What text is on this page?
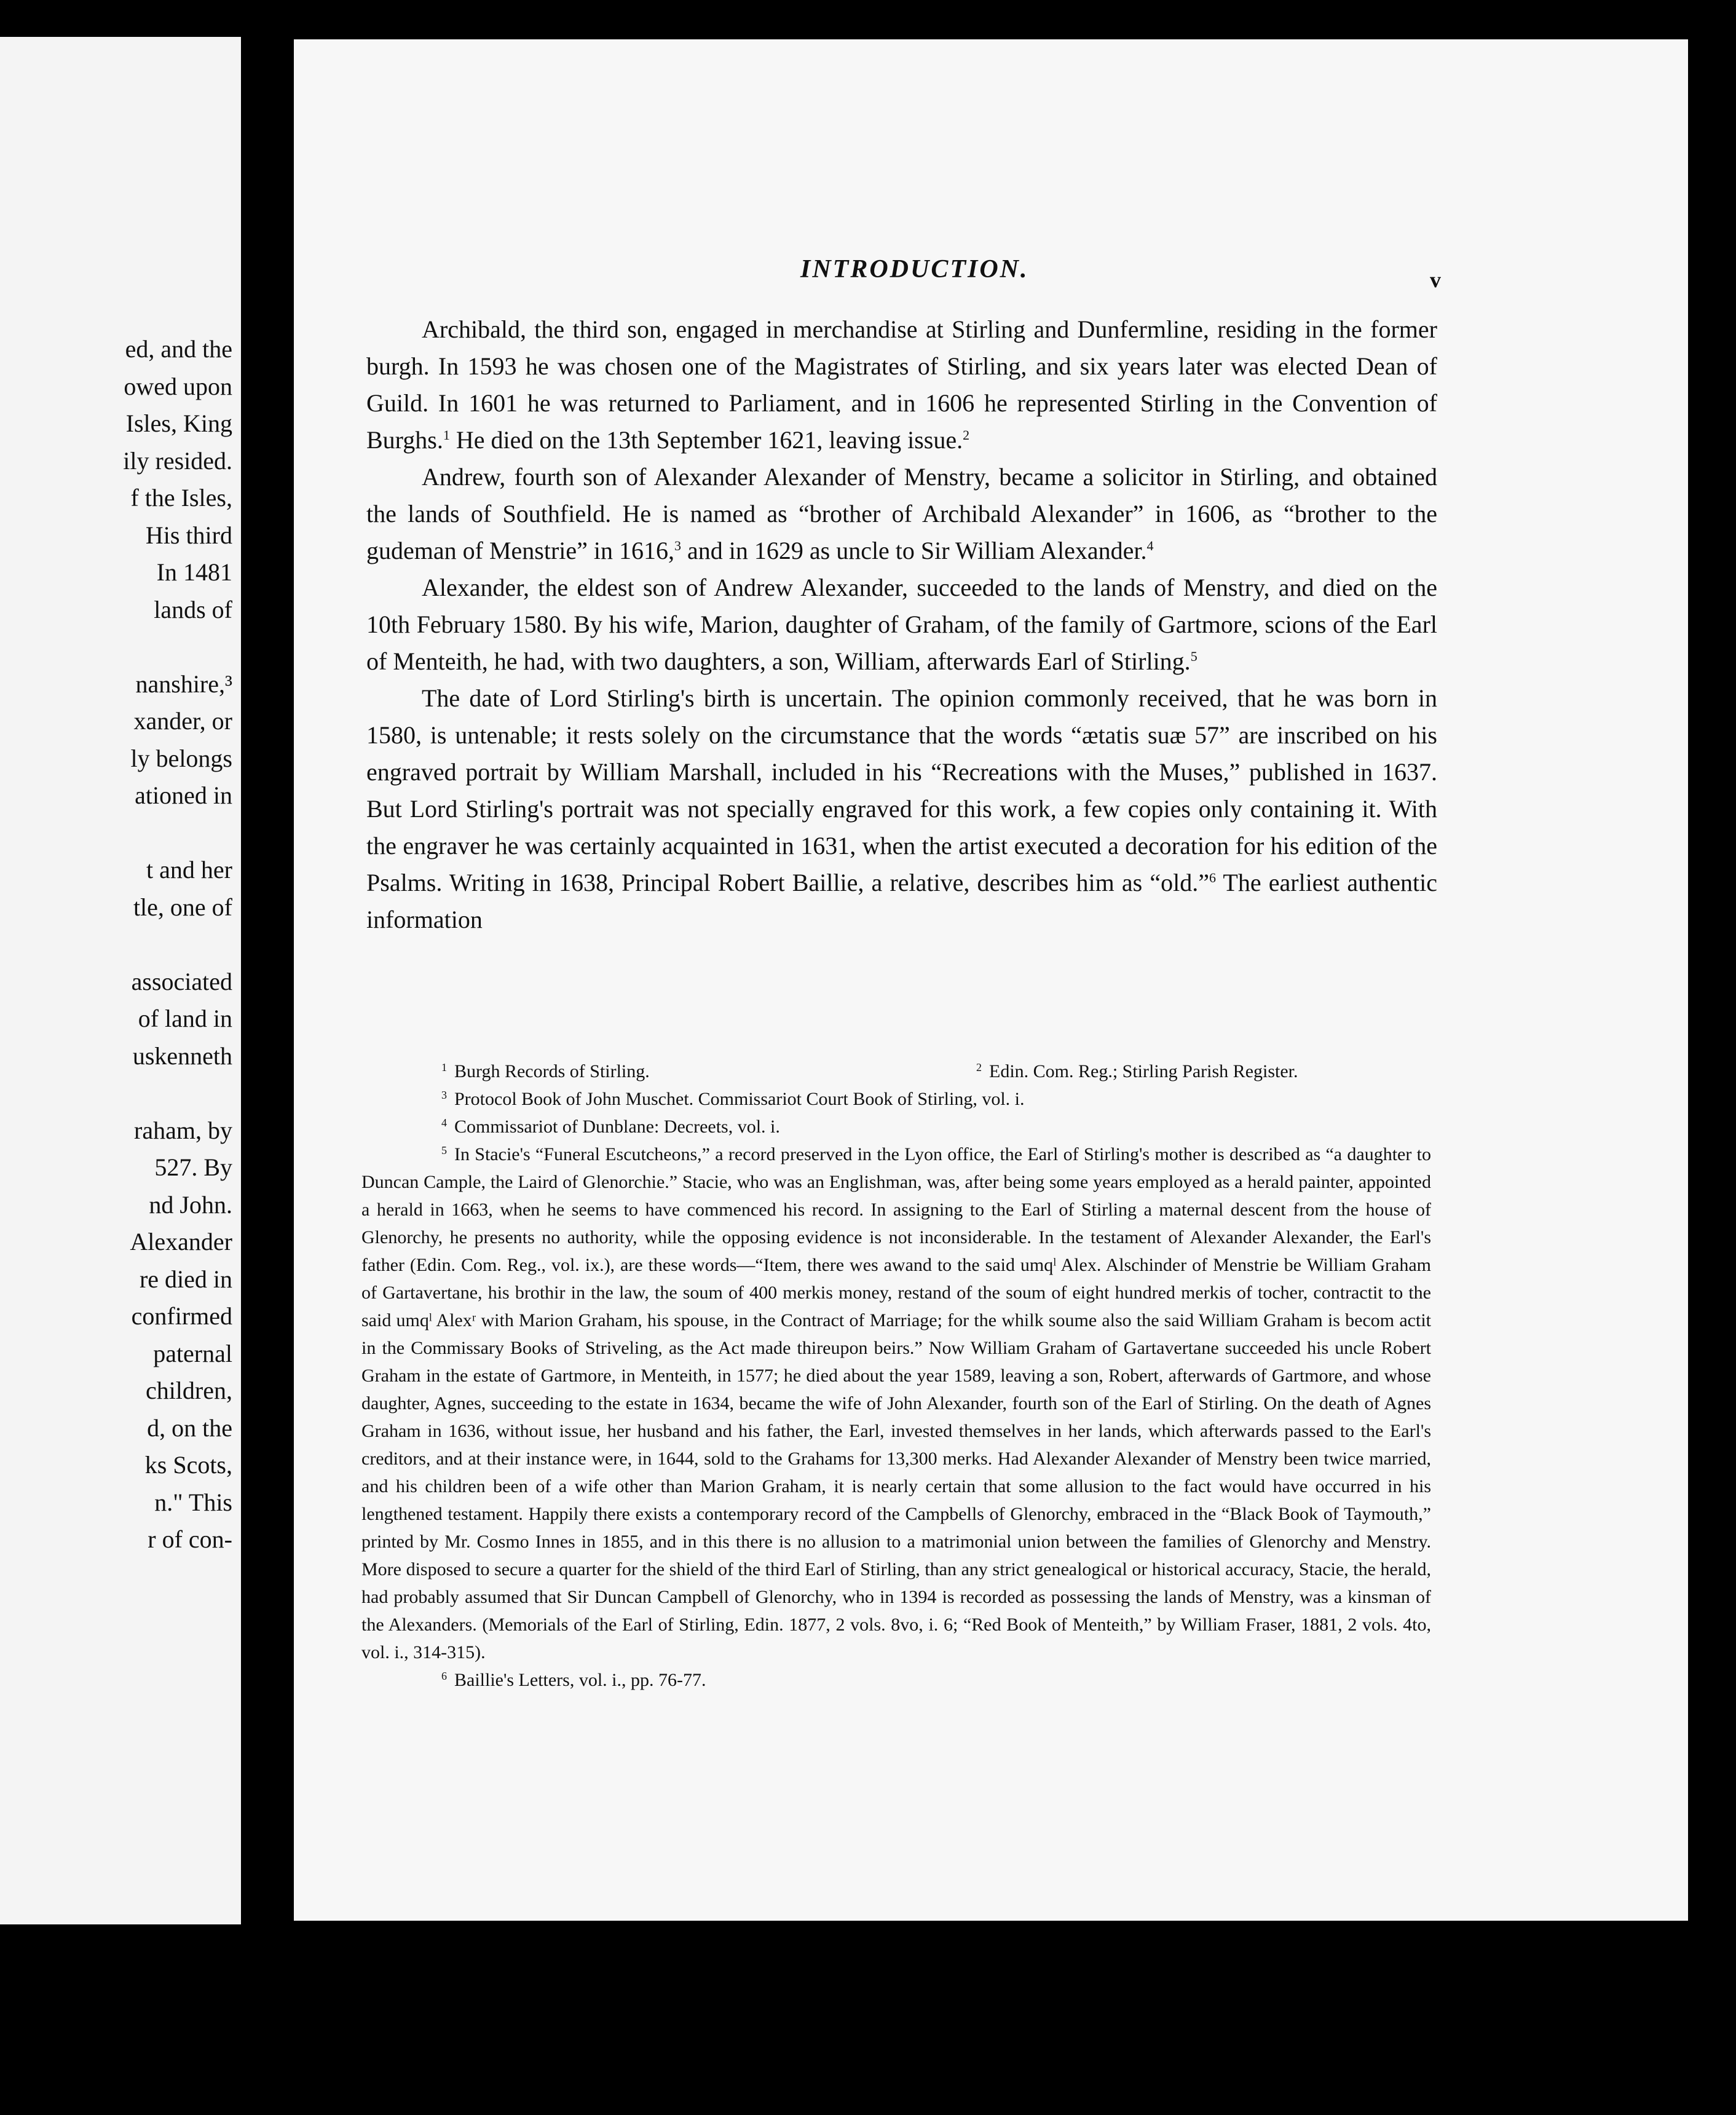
ed, and the
owed upon
Isles, King
ily resided.
f the Isles,
His third
In 1481
lands of

nanshire,³
xander, or
ly belongs
ationed in

t and her
tle, one of

associated
of land in
uskenneth

raham, by
527. By
nd John.
Alexander
re died in
confirmed
paternal
children,
d, on the
ks Scots,
n." This
r of con-
INTRODUCTION.	v

Archibald, the third son, engaged in merchandise at Stirling and Dunfermline, residing in the former burgh. In 1593 he was chosen one of the Magistrates of Stirling, and six years later was elected Dean of Guild. In 1601 he was returned to Parliament, and in 1606 he represented Stirling in the Convention of Burghs.$^1$ He died on the 13th September 1621, leaving issue.$^2$

Andrew, fourth son of Alexander Alexander of Menstry, became a solicitor in Stirling, and obtained the lands of Southfield. He is named as “brother of Archibald Alexander” in 1606, as “brother to the gudeman of Menstrie” in 1616,$^3$ and in 1629 as uncle to Sir William Alexander.$^4$

Alexander, the eldest son of Andrew Alexander, succeeded to the lands of Menstry, and died on the 10th February 1580. By his wife, Marion, daughter of Graham, of the family of Gartmore, scions of the Earl of Menteith, he had, with two daughters, a son, William, afterwards Earl of Stirling.$^5$

The date of Lord Stirling's birth is uncertain. The opinion commonly received, that he was born in 1580, is untenable; it rests solely on the circumstance that the words “ætatis suæ 57” are inscribed on his engraved portrait by William Marshall, included in his “Recreations with the Muses,” published in 1637. But Lord Stirling's portrait was not specially engraved for this work, a few copies only containing it. With the engraver he was certainly acquainted in 1631, when the artist executed a decoration for his edition of the Psalms. Writing in 1638, Principal Robert Baillie, a relative, describes him as “old.”$^6$ The earliest authentic information

$^1$ Burgh Records of Stirling.	$^2$ Edin. Com. Reg.; Stirling Parish Register.
$^3$ Protocol Book of John Muschet. Commissariot Court Book of Stirling, vol. i.
$^4$ Commissariot of Dunblane: Decreets, vol. i.
$^5$ In Stacie's “Funeral Escutcheons,” a record preserved in the Lyon office, the Earl of Stirling's mother is described as “a daughter to Duncan Cample, the Laird of Glenorchie.” Stacie, who was an Englishman, was, after being some years employed as a herald painter, appointed a herald in 1663, when he seems to have commenced his record. In assigning to the Earl of Stirling a maternal descent from the house of Glenorchy, he presents no authority, while the opposing evidence is not inconsiderable. In the testament of Alexander Alexander, the Earl's father (Edin. Com. Reg., vol. ix.), are these words—“Item, there wes awand to the said umqˡ Alex. Alschinder of Menstrie be William Graham of Gartavertane, his brothir in the law, the soum of 400 merkis money, restand of the soum of eight hundred merkis of tocher, contractit to the said umqˡ Alexʳ with Marion Graham, his spouse, in the Contract of Marriage; for the whilk soume also the said William Graham is becom actit in the Commissary Books of Striveling, as the Act made thireupon beirs.” Now William Graham of Gartavertane succeeded his uncle Robert Graham in the estate of Gartmore, in Menteith, in 1577; he died about the year 1589, leaving a son, Robert, afterwards of Gartmore, and whose daughter, Agnes, succeeding to the estate in 1634, became the wife of John Alexander, fourth son of the Earl of Stirling. On the death of Agnes Graham in 1636, without issue, her husband and his father, the Earl, invested themselves in her lands, which afterwards passed to the Earl's creditors, and at their instance were, in 1644, sold to the Grahams for 13,300 merks. Had Alexander Alexander of Menstry been twice married, and his children been of a wife other than Marion Graham, it is nearly certain that some allusion to the fact would have occurred in his lengthened testament. Happily there exists a contemporary record of the Campbells of Glenorchy, embraced in the “Black Book of Taymouth,” printed by Mr. Cosmo Innes in 1855, and in this there is no allusion to a matrimonial union between the families of Glenorchy and Menstry. More disposed to secure a quarter for the shield of the third Earl of Stirling, than any strict genealogical or historical accuracy, Stacie, the herald, had probably assumed that Sir Duncan Campbell of Glenorchy, who in 1394 is recorded as possessing the lands of Menstry, was a kinsman of the Alexanders. (Memorials of the Earl of Stirling, Edin. 1877, 2 vols. 8vo, i. 6; “Red Book of Menteith,” by William Fraser, 1881, 2 vols. 4to, vol. i., 314-315).
$^6$ Baillie's Letters, vol. i., pp. 76-77.
